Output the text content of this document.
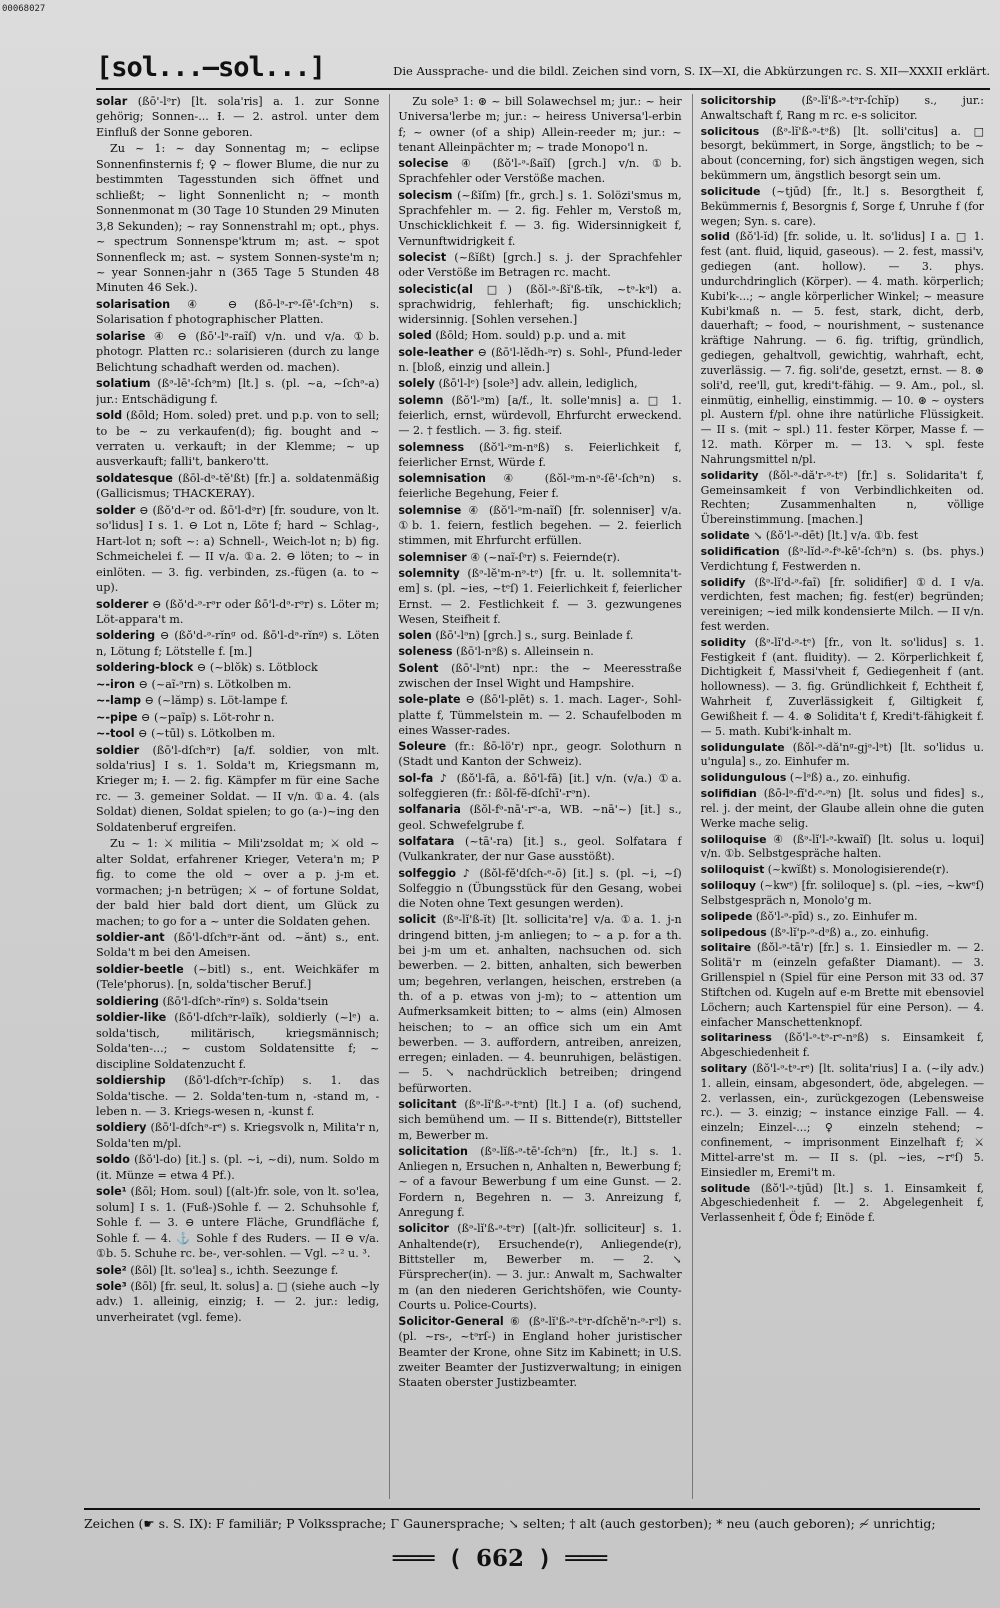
00068027
[sol...—sol...]	Die Aussprache- und die bildl. Zeichen sind vorn, S. IX—XI, die Abkürzungen rc. S. XII—XXXII erklärt.
solar (ßō'-lᵊr) [lt. sola'ris] a. 1. zur Sonne gehörig; Sonnen-... Ɨ. — 2. astrol. unter dem Einfluß der Sonne geboren.
Zu ~ 1: ~ day Sonnentag m; ~ eclipse Sonnenfinsternis f; ♀ ~ flower Blume, die nur zu bestimmten Tagesstunden sich öffnet und schließt; ~ light Sonnenlicht n; ~ month Sonnenmonat m (30 Tage 10 Stunden 29 Minuten 3,8 Sekunden); ~ ray Sonnenstrahl m; opt., phys. ~ spectrum Sonnenspe'ktrum m; ast. ~ spot Sonnenfleck m; ast. ~ system Sonnen-syste'm n; ~ year Sonnen-jahr n (365 Tage 5 Stunden 48 Minuten 46 Sek.).
solarisation ④ ⊖ (ßō-lᵊ-rᵊ-ſē'-ſchᵊn) s. Solarisation f photographischer Platten.
solarise ④ ⊖ (ßō'-lᵊ-raĩſ) v/n. und v/a. ①b. photogr. Platten rc.: solarisieren (durch zu lange Belichtung schadhaft werden od. machen).
solatium (ßᵊ-lē'-ſchᵊm) [lt.] s. (pl. ~a, ~ſchᵊ-a) jur.: Entschädigung f.
sold (ßōld; Hom. soled) pret. und p.p. von to sell; to be ~ zu verkaufen(d); fig. bought and ~ verraten u. verkauft; in der Klemme; ~ up ausverkauft; falli't, bankero'tt.
soldatesque (ßōl-dᵊ-tĕ'ßt) [fr.] a. soldatenmäßig (Gallicismus; THACKERAY).
solder ⊖ (ßŏ'd-ᵊr od. ßō'l-dᵊr) [fr. soudure, von lt. so'lidus] I s. 1. ⊖ Lot n, Löte f; hard ~ Schlag-, Hart-lot n; soft ~: a) Schnell-, Weich-lot n; b) fig. Schmeichelei f. — II v/a. ①a. 2. ⊖ löten; to ~ in einlöten. — 3. fig. verbinden, zs.-fügen (a. to ~ up).
solderer ⊖ (ßŏ'd-ᵊ-rᵊr oder ßō'l-dᵊ-rᵊr) s. Löter m; Löt-appara't m.
soldering ⊖ (ßŏ'd-ᵊ-rĭnᵍ od. ßō'l-dᵊ-rĭnᵍ) s. Löten n, Lötung f; Lötstelle f. [m.]
soldering-block ⊖ (~blŏk) s. Lötblock
~-iron ⊖ (~aĩ-ᵊrn) s. Lötkolben m.
~-lamp ⊖ (~lămp) s. Löt-lampe f.
~-pipe ⊖ (~paĩp) s. Löt-rohr n.
~-tool ⊖ (~tūl) s. Lötkolben m.
soldier (ßō'l-dſchᵊr) [a/f. soldier, von mlt. solda'rius] I s. 1. Solda't m, Kriegsmann m, Krieger m; Ɨ. — 2. fig. Kämpfer m für eine Sache rc. — 3. gemeiner Soldat. — II v/n. ①a. 4. (als Soldat) dienen, Soldat spielen; to go (a-)~ing den Soldatenberuf ergreifen.
Zu ~ 1: ⚔ militia ~ Mili'zsoldat m; ⚔ old ~ alter Soldat, erfahrener Krieger, Vetera'n m; P fig. to come the old ~ over a p. j-m et. vormachen; j-n betrügen; ⚔ ~ of fortune Soldat, der bald hier bald dort dient, um Glück zu machen; to go for a ~ unter die Soldaten gehen.
soldier-ant (ßō'l-dſchᵊr-ănt od. ~ănt) s., ent. Solda't m bei den Ameisen.
soldier-beetle (~bitl) s., ent. Weichkäfer m (Tele'phorus). [n, solda'tischer Beruf.]
soldiering (ßō'l-dſchᵊ-rĭnᵍ) s. Solda'tsein
soldier-like (ßō'l-dſchᵊr-laĩk), soldierly (~lᵉ) a. solda'tisch, militärisch, kriegsmännisch; Solda'ten-...; ~ custom Soldatensitte f; ~ discipline Soldatenzucht f.
soldiership (ßō'l-dſchᵊr-ſchĭp) s. 1. das Solda'tische. — 2. Solda'ten-tum n, -stand m, -leben n. — 3. Kriegs-wesen n, -kunst f.
soldiery (ßō'l-dſchᵊ-rᵉ) s. Kriegsvolk n, Milita'r n, Solda'ten m/pl.
soldo (ßŏ'l-do) [it.] s. (pl. ~i, ~di), num. Soldo m (it. Münze = etwa 4 Pf.).
sole¹ (ßōl; Hom. soul) [(alt-)fr. sole, von lt. so'lea, solum] I s. 1. (Fuß-)Sohle f. — 2. Schuhsohle f, Sohle f. — 3. ⊖ untere Fläche, Grundfläche f, Sohle f. — 4. ⚓ Sohle f des Ruders. — II ⊖ v/a. ①b. 5. Schuhe rc. be-, ver-sohlen. — Vgl. ~² u. ³.
sole² (ßōl) [lt. so'lea] s., ichth. Seezunge f.
sole³ (ßōl) [fr. seul, lt. solus] a. □ (siehe auch ~ly adv.) 1. alleinig, einzig; Ɨ. — 2. jur.: ledig, unverheiratet (vgl. feme).
Zu sole³ 1: ⊛ ~ bill Solawechsel m; jur.: ~ heir Universa'lerbe m; jur.: ~ heiress Universa'l-erbin f; ~ owner (of a ship) Allein-reeder m; jur.: ~ tenant Alleinpächter m; ~ trade Monopo'l n.
solecise ④ (ßŏ'l-ᵊ-ßaĩſ) [grch.] v/n. ①b. Sprachfehler oder Verstöße machen.
solecism (~ßĭſm) [fr., grch.] s. 1. Solözi'smus m, Sprachfehler m. — 2. fig. Fehler m, Verstoß m, Unschicklichkeit f. — 3. fig. Widersinnigkeit f, Vernunftwidrigkeit f.
solecist (~ßĭßt) [grch.] s. j. der Sprachfehler oder Verstöße im Betragen rc. macht.
solecistic(al □) (ßŏl-ᵊ-ßĭ'ß-tĭk, ~tᵊ-kᵊl) a. sprachwidrig, fehlerhaft; fig. unschicklich; widersinnig. [Sohlen versehen.]
soled (ßōld; Hom. sould) p.p. und a. mit
sole-leather ⊖ (ßō'l-lĕdh-ᵊr) s. Sohl-, Pfund-leder n. [bloß, einzig und allein.]
solely (ßō'l-lᵉ) [sole³] adv. allein, lediglich,
solemn (ßŏ'l-ᵊm) [a/f., lt. solle'mnis] a. □ 1. feierlich, ernst, würdevoll, Ehrfurcht erweckend. — 2. † festlich. — 3. fig. steif.
solemness (ßŏ'l-ᵊm-nᵊß) s. Feierlichkeit f, feierlicher Ernst, Würde f.
solemnisation ④ (ßŏl-ᵊm-nᵊ-ſē'-ſchᵊn) s. feierliche Begehung, Feier f.
solemnise ④ (ßŏ'l-ᵊm-naĩſ) [fr. solenniser] v/a. ①b. 1. feiern, festlich begehen. — 2. feierlich stimmen, mit Ehrfurcht erfüllen.
solemniser ④ (~naĩ-ſᵊr) s. Feiernde(r).
solemnity (ßᵊ-lĕ'm-nᵊ-tᵉ) [fr. u. lt. sollemnita't-em] s. (pl. ~ies, ~tᵉſ) 1. Feierlichkeit f, feierlicher Ernst. — 2. Festlichkeit f. — 3. gezwungenes Wesen, Steifheit f.
solen (ßō'-lᵊn) [grch.] s., surg. Beinlade f.
soleness (ßō'l-nᵊß) s. Alleinsein n.
Solent (ßō'-lᵊnt) npr.: the ~ Meeresstraße zwischen der Insel Wight und Hampshire.
sole-plate ⊖ (ßō'l-plēt) s. 1. mach. Lager-, Sohl-platte f, Tümmelstein m. — 2. Schaufelboden m eines Wasser-rades.
Soleure (fr.: ßō-lö'r) npr., geogr. Solothurn n (Stadt und Kanton der Schweiz).
sol-fa ♪ (ßŏ'l-fā, a. ßō'l-fā) [it.] v/n. (v/a.) ①a. solfeggieren (fr.: ßōl-fĕ-dſchī'-rᵊn).
solfanaria (ßŏl-fᵊ-nā'-rᵉ-a, WB. ~nā'~) [it.] s., geol. Schwefelgrube f.
solfatara (~tā'-ra) [it.] s., geol. Solfatara f (Vulkankrater, der nur Gase ausstößt).
solfeggio ♪ (ßŏl-fĕ'dſch-ᵉ-ō) [it.] s. (pl. ~i, ~ſ) Solfeggio n (Übungsstück für den Gesang, wobei die Noten ohne Text gesungen werden).
solicit (ßᵊ-lĭ'ß-ĭt) [lt. sollicita're] v/a. ①a. 1. j-n dringend bitten, j-m anliegen; to ~ a p. for a th. bei j-m um et. anhalten, nachsuchen od. sich bewerben. — 2. bitten, anhalten, sich bewerben um; begehren, verlangen, heischen, erstreben (a th. of a p. etwas von j-m); to ~ attention um Aufmerksamkeit bitten; to ~ alms (ein) Almosen heischen; to ~ an office sich um ein Amt bewerben. — 3. auffordern, antreiben, anreizen, erregen; einladen. — 4. beunruhigen, belästigen. — 5. ↘ nachdrücklich betreiben; dringend befürworten.
solicitant (ßᵊ-lĭ'ß-ᵊ-tᵊnt) [lt.] I a. (of) suchend, sich bemühend um. — II s. Bittende(r), Bittsteller m, Bewerber m.
solicitation (ßᵊ-lĭß-ᵊ-tē'-ſchᵊn) [fr., lt.] s. 1. Anliegen n, Ersuchen n, Anhalten n, Bewerbung f; ~ of a favour Bewerbung f um eine Gunst. — 2. Fordern n, Begehren n. — 3. Anreizung f, Anregung f.
solicitor (ßᵊ-lĭ'ß-ᵊ-tᵊr) [(alt-)fr. solliciteur] s. 1. Anhaltende(r), Ersuchende(r), Anliegende(r), Bittsteller m, Bewerber m. — 2. ↘ Fürsprecher(in). — 3. jur.: Anwalt m, Sachwalter m (an den niederen Gerichtshöfen, wie County-Courts u. Police-Courts).
Solicitor-General ⑥ (ßᵊ-lĭ'ß-ᵊ-tᵊr-dſchĕ'n-ᵊ-rᵊl) s. (pl. ~rs-, ~tᵊrſ-) in England hoher juristischer Beamter der Krone, ohne Sitz im Kabinett; in U.S. zweiter Beamter der Justizverwaltung; in einigen Staaten oberster Justizbeamter.
solicitorship (ßᵊ-lĭ'ß-ᵊ-tᵊr-ſchĭp) s., jur.: Anwaltschaft f, Rang m rc. e-s solicitor.
solicitous (ßᵊ-lĭ'ß-ᵊ-tᵊß) [lt. solli'citus] a. □ besorgt, bekümmert, in Sorge, ängstlich; to be ~ about (concerning, for) sich ängstigen wegen, sich bekümmern um, ängstlich besorgt sein um.
solicitude (~tjūd) [fr., lt.] s. Besorgtheit f, Bekümmernis f, Besorgnis f, Sorge f, Unruhe f (for wegen; Syn. s. care).
solid (ßŏ'l-ĭd) [fr. solide, u. lt. so'lidus] I a. □ 1. fest (ant. fluid, liquid, gaseous). — 2. fest, massi'v, gediegen (ant. hollow). — 3. phys. undurchdringlich (Körper). — 4. math. körperlich; Kubi'k-...; ~ angle körperlicher Winkel; ~ measure Kubi'kmaß n. — 5. fest, stark, dicht, derb, dauerhaft; ~ food, ~ nourishment, ~ sustenance kräftige Nahrung. — 6. fig. triftig, gründlich, gediegen, gehaltvoll, gewichtig, wahrhaft, echt, zuverlässig. — 7. fig. soli'de, gesetzt, ernst. — 8. ⊛ soli'd, ree'll, gut, kredi't-fähig. — 9. Am., pol., sl. einmütig, einhellig, einstimmig. — 10. ⊛ ~ oysters pl. Austern f/pl. ohne ihre natürliche Flüssigkeit. — II s. (mit ~ spl.) 11. fester Körper, Masse f. — 12. math. Körper m. — 13. ↘ spl. feste Nahrungsmittel n/pl.
solidarity (ßŏl-ᵊ-dă'r-ᵊ-tᵉ) [fr.] s. Solidarita't f, Gemeinsamkeit f von Verbindlichkeiten od. Rechten; Zusammenhalten n, völlige Übereinstimmung. [machen.]
solidate ↘ (ßŏ'l-ᵊ-dēt) [lt.] v/a. ①b. fest
solidification (ßᵊ-lĭd-ᵊ-fᵊ-kē'-ſchᵊn) s. (bs. phys.) Verdichtung f, Festwerden n.
solidify (ßᵊ-lĭ'd-ᵊ-faĩ) [fr. solidifier] ①d. I v/a. verdichten, fest machen; fig. fest(er) begründen; vereinigen; ~ied milk kondensierte Milch. — II v/n. fest werden.
solidity (ßᵊ-lĭ'd-ᵊ-tᵉ) [fr., von lt. so'lidus] s. 1. Festigkeit f (ant. fluidity). — 2. Körperlichkeit f, Dichtigkeit f, Massi'vheit f, Gediegenheit f (ant. hollowness). — 3. fig. Gründlichkeit f, Echtheit f, Wahrheit f, Zuverlässigkeit f, Giltigkeit f, Gewißheit f. — 4. ⊛ Solidita't f, Kredi't-fähigkeit f. — 5. math. Kubi'k-inhalt m.
solidungulate (ßŏl-ᵊ-dă'nᵍ-gjᵊ-lᵊt) [lt. so'lidus u. u'ngula] s., zo. Einhufer m.
solidungulous (~lᵊß) a., zo. einhufig.
solifidian (ßō-lᵊ-fĭ'd-ᵉ-ᵊn) [lt. solus und fides] s., rel. j. der meint, der Glaube allein ohne die guten Werke mache selig.
soliloquise ④ (ßᵊ-lĭ'l-ᵊ-kwaĩſ) [lt. solus u. loqui] v/n. ①b. Selbstgespräche halten.
soliloquist (~kwĭßt) s. Monologisierende(r).
soliloquy (~kwᵉ) [fr. soliloque] s. (pl. ~ies, ~kwᵉſ) Selbstgespräch n, Monolo'g m.
solipede (ßŏ'l-ᵊ-pīd) s., zo. Einhufer m.
solipedous (ßᵊ-lĭ'p-ᵊ-dᵊß) a., zo. einhufig.
solitaire (ßŏl-ᵊ-tā'r) [fr.] s. 1. Einsiedler m. — 2. Solitä'r m (einzeln gefaßter Diamant). — 3. Grillenspiel n (Spiel für eine Person mit 33 od. 37 Stiftchen od. Kugeln auf e-m Brette mit ebensoviel Löchern; auch Kartenspiel für eine Person). — 4. einfacher Manschettenknopf.
solitariness (ßŏ'l-ᵊ-tᵊ-rᵉ-nᵊß) s. Einsamkeit f, Abgeschiedenheit f.
solitary (ßŏ'l-ᵊ-tᵊ-rᵉ) [lt. solita'rius] I a. (~ily adv.) 1. allein, einsam, abgesondert, öde, abgelegen. — 2. verlassen, ein-, zurückgezogen (Lebensweise rc.). — 3. einzig; ~ instance einzige Fall. — 4. einzeln; Einzel-...; ♀ einzeln stehend; ~ confinement, ~ imprisonment Einzelhaft f; ⚔ Mittel-arre'st m. — II s. (pl. ~ies, ~rᵉſ) 5. Einsiedler m, Eremi't m.
solitude (ßŏ'l-ᵊ-tjūd) [lt.] s. 1. Einsamkeit f, Abgeschiedenheit f. — 2. Abgelegenheit f, Verlassenheit f, Öde f; Einöde f.
Zeichen (☛ s. S. IX): F familiär; P Volkssprache; Γ Gaunersprache; ↘ selten; † alt (auch gestorben); * neu (auch geboren); ≁ unrichtig;
═══ ( 662 ) ═══
